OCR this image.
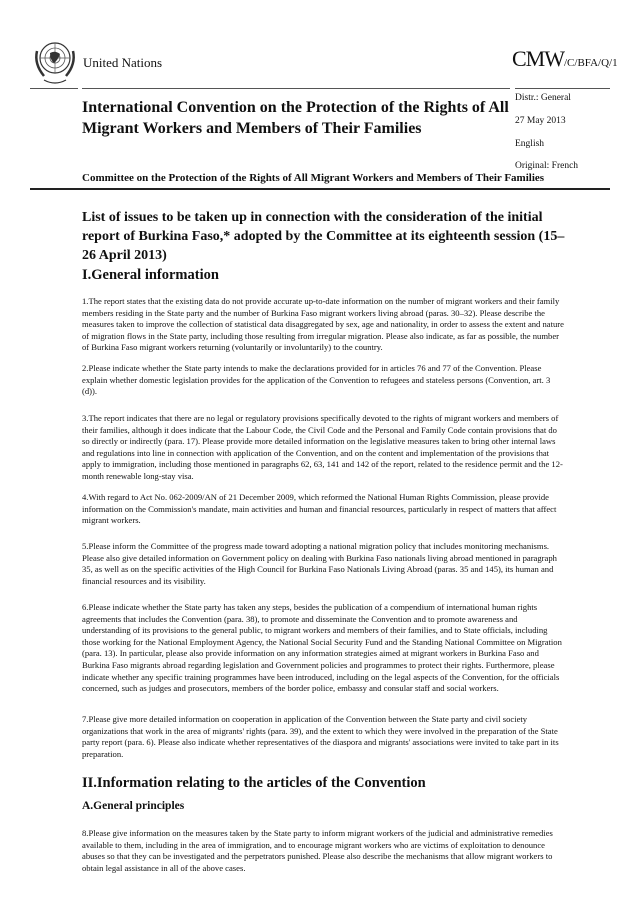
United Nations	CMW/C/BFA/Q/1
Distr.: General
27 May 2013
English
Original: French
International Convention on the Protection of the Rights of All Migrant Workers and Members of Their Families
Committee on the Protection of the Rights of All Migrant Workers and Members of Their Families
List of issues to be taken up in connection with the consideration of the initial report of Burkina Faso,* adopted by the Committee at its eighteenth session (15–26 April 2013)
I.General information
1.The report states that the existing data do not provide accurate up-to-date information on the number of migrant workers and their family members residing in the State party and the number of Burkina Faso migrant workers living abroad (paras. 30–32). Please describe the measures taken to improve the collection of statistical data disaggregated by sex, age and nationality, in order to assess the extent and nature of migration flows in the State party, including those resulting from irregular migration. Please also indicate, as far as possible, the number of Burkina Faso migrant workers returning (voluntarily or involuntarily) to the country.
2.Please indicate whether the State party intends to make the declarations provided for in articles 76 and 77 of the Convention. Please explain whether domestic legislation provides for the application of the Convention to refugees and stateless persons (Convention, art. 3 (d)).
3.The report indicates that there are no legal or regulatory provisions specifically devoted to the rights of migrant workers and members of their families, although it does indicate that the Labour Code, the Civil Code and the Personal and Family Code contain provisions that do so directly or indirectly (para. 17). Please provide more detailed information on the legislative measures taken to bring other internal laws and regulations into line in connection with application of the Convention, and on the content and implementation of the provisions that apply to immigration, including those mentioned in paragraphs 62, 63, 141 and 142 of the report, related to the residence permit and the 12-month renewable long-stay visa.
4.With regard to Act No. 062-2009/AN of 21 December 2009, which reformed the National Human Rights Commission, please provide information on the Commission's mandate, main activities and human and financial resources, particularly in respect of matters that affect migrant workers.
5.Please inform the Committee of the progress made toward adopting a national migration policy that includes monitoring mechanisms. Please also give detailed information on Government policy on dealing with Burkina Faso nationals living abroad mentioned in paragraph 35, as well as on the specific activities of the High Council for Burkina Faso Nationals Living Abroad (paras. 35 and 145), its human and financial resources and its visibility.
6.Please indicate whether the State party has taken any steps, besides the publication of a compendium of international human rights agreements that includes the Convention (para. 38), to promote and disseminate the Convention and to promote awareness and understanding of its provisions to the general public, to migrant workers and members of their families, and to State officials, including those working for the National Employment Agency, the National Social Security Fund and the Standing National Committee on Migration (para. 13). In particular, please also provide information on any information strategies aimed at migrant workers in Burkina Faso and Burkina Faso migrants abroad regarding legislation and Government policies and programmes to protect their rights. Furthermore, please indicate whether any specific training programmes have been introduced, including on the legal aspects of the Convention, for the officials concerned, such as judges and prosecutors, members of the border police, embassy and consular staff and social workers.
7.Please give more detailed information on cooperation in application of the Convention between the State party and civil society organizations that work in the area of migrants' rights (para. 39), and the extent to which they were involved in the preparation of the State party report (para. 6). Please also indicate whether representatives of the diaspora and migrants' associations were invited to take part in its preparation.
II.Information relating to the articles of the Convention
A.General principles
8.Please give information on the measures taken by the State party to inform migrant workers of the judicial and administrative remedies available to them, including in the area of immigration, and to encourage migrant workers who are victims of exploitation to denounce abuses so that they can be investigated and the perpetrators punished. Please also describe the mechanisms that allow migrant workers to obtain legal assistance in all of the above cases.
